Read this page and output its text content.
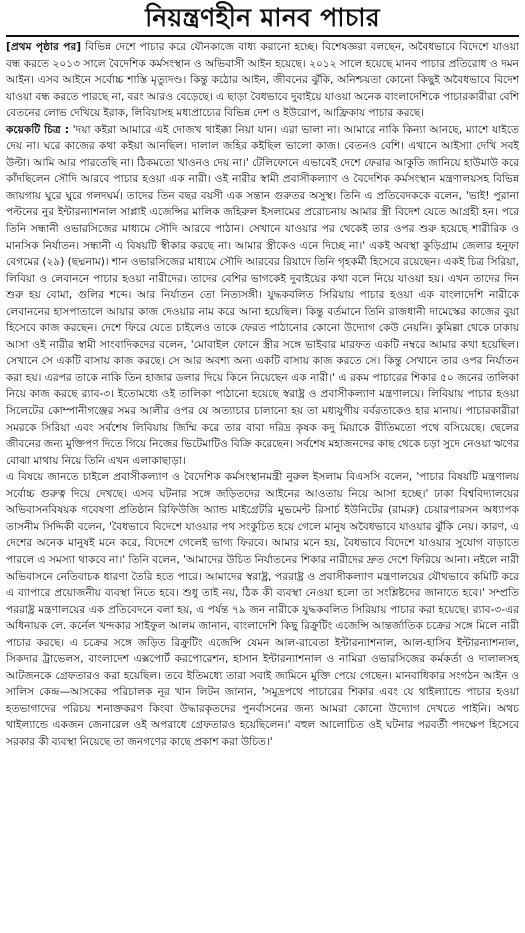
নিয়ন্ত্রণহীন মানব পাচার

[প্রথম পৃষ্ঠার পর] বিভিন্ন দেশে পাচার করে যৌনকাজে বাধ্য করানো হচ্ছে। বিশেষজ্ঞরা বলছেন, অবৈধভাবে বিদেশে যাওয়া বন্ধ করতে ২০১৩ সালে বৈদেশিক কর্মসংস্থান ও অভিবাসী আইন হয়েছে। ২০১২ সালে হয়েছে মানব পাচার প্রতিরোধ ও দমন আইন। এসব আইনে সর্বোচ্চ শাস্তি মৃত্যুদণ্ড। কিন্তু কঠোর আইন, জীবনের ঝুঁকি, অনিশ্চয়তা কোনো কিছুই অবৈধভাবে বিদেশ যাওয়া বন্ধ করতে পারছে না, বরং আরও বেড়েছে। এ ছাড়া বৈধভাবে দুবাইয়ে যাওয়া অনেক বাংলাদেশিকে পাচারকারীরা বেশি বেতনের লোভ দেখিয়ে ইরাক, লিবিয়াসহ মধ্যপ্রাচ্যের বিভিন্ন দেশ ও ইউরোপ, আফ্রিকায় পাচার করছে।

কয়েকটি চিত্র : 'দয়া কইরা আমারে এই দোজখ থাইক্কা নিয়া যান। এরা ভালা না। আমারে নাকি কিন্যা আনছে, ম্যাশে যাইতে দেয় না। ঘরে কাজের কথা কইয়া আনছিল। দালাল জহির কইছিল ভালো কাজ। বেতনও বেশি। এখানে আইস্যা দেখি সবই উল্টা। আমি আর পারতেছি না। ঠিকমতো খাওনও দেয় না।' টেলিফোনে এভাবেই দেশে ফেরার আকুতি জানিয়ে হাউমাউ করে কাঁদছিলেন সৌদি আরবে পাচার হওয়া এক নারী। ওই নারীর স্বামী প্রবাসীকল্যাণ ও বৈদেশিক কর্মসংস্থান মন্ত্রণালয়সহ বিভিন্ন জায়গায় ঘুরে ঘুরে গলদঘর্ম। তাদের তিন বছর বয়সী এক সন্তান গুরুতর অসুস্থ। তিনি এ প্রতিবেদককে বলেন, 'ভাই! পুরানা পল্টনের নুর ইন্টারন্যাশনাল সাপ্লাই এজেন্সির মালিক জহিরুল ইসলামের প্ররোচনায় আমার স্ত্রী বিদেশ যেতে আগ্রহী হন। পরে তিনি সন্ধানী ওভারসিজের মাধ্যমে সৌদি আরবে পাঠান। সেখানে যাওয়ার পর থেকেই তার ওপর শুরু হয়েছে শারীরিক ও মানসিক নির্যাতন। সন্ধানী এ বিষয়টি স্বীকার করছে না। আমার স্ত্রীকেও এনে দিচ্ছে না।' একই অবস্থা কুড়িগ্রাম জেলার হনুফা বেগমের (২৯) (ছদ্মনাম)। শান ওভারসিজের মাধ্যমে সৌদি আরবের রিয়াদে তিনি গৃহকর্মী হিসেবে রয়েছেন। একই চিত্র সিরিয়া, লিবিয়া ও লেবাননে পাচার হওয়া নারীদের। তাদের বেশির ভাগকেই দুবাইয়ের কথা বলে নিয়ে যাওয়া হয়। এখন তাদের দিন শুরু হয় বোমা, গুলির শব্দে। আর নির্যাতন তো নিত্যসঙ্গী। যুদ্ধকবলিত সিরিয়ায় পাচার হওয়া এক বাংলাদেশি নারীকে লেবাননের হাসপাতালে আয়ার কাজ দেওয়ার নাম করে আনা হয়েছিল। কিন্তু বর্তমানে তিনি রাজধানী দামেস্কের কাজের বুয়া হিসেবে কাজ করছেন। দেশে ফিরে যেতে চাইলেও তাকে ফেরত পাঠানোর কোনো উদ্যোগ কেউ নেয়নি। কুমিল্লা থেকে ঢাকায় আসা ওই নারীর স্বামী সাংবাদিকদের বলেন, 'মোবাইল ফোনে স্ত্রীর সঙ্গে ভাইবার মারফত একটি নম্বরে আমার কথা হয়েছিল। সেখানে সে একটি বাসায় কাজ করছে। সে আর অবশ্য অন্য একটি বাসায় কাজ করতে সে। কিন্তু সেখানে তার ওপর নির্যাতন করা হয়। এরপর তাকে নাকি তিন হাজার ডলার দিয়ে কিনে নিয়েছেন এক নারী।' এ রকম পাচারের শিকার ৫০ জনের তালিকা নিয়ে কাজ করছে র‌্যাব-৩। ইতোমধ্যে ওই তালিকা পাঠানো হয়েছে স্বরাষ্ট্র ও প্রবাসীকল্যাণ মন্ত্রণালয়ে। লিবিয়ায় পাচার হওয়া সিলেটের কোম্পানীগঞ্জের সমর আলীর ওপর যে অত্যাচার চালানো হয় তা মধ্যযুগীয় বর্বরতাকেও হার মানায়। পাচারকারীরা সমরকে সিরিয়া এবং সর্বশেষ লিবিয়ায় জিম্মি করে তার বাবা দরিদ্র কৃষক কদু মিয়াকে রীতিমতো পথে বসিয়েছে। ছেলের জীবনের জন্য মুক্তিপণ দিতে গিয়ে নিজের ভিটেমাটিও বিক্রি করেছেন। সর্বশেষ মহাজনদের কাছ থেকে চড়া সুদে নেওয়া ঋণের বোঝা মাথায় নিয়ে তিনি এখন এলাকাছাড়া।

এ বিষয়ে জানতে চাইলে প্রবাসীকল্যাণ ও বৈদেশিক কর্মসংস্থানমন্ত্রী নুরুল ইসলাম বিএসসি বলেন, 'পাচার বিষয়টি মন্ত্রণালয় সর্বোচ্চ গুরুত্ব দিয়ে দেখছে। এসব ঘটনার সঙ্গে জড়িতদের আইনের আওতায় নিয়ে আসা হচ্ছে।' ঢাকা বিশ্ববিদ্যালয়ের অভিবাসনবিষয়ক গবেষণা প্রতিষ্ঠান রিফিউজি অ্যান্ড মাইগ্রেটরি মুভমেন্ট রিসার্চ ইউনিটের (রামরু) চেয়ারপারসন অধ্যাপক তাসনীম সিদ্দিকী বলেন, 'বৈধভাবে বিদেশে যাওয়ার পথ সংকুচিত হয়ে গেলে মানুষ অবৈধভাবে যাওয়ার ঝুঁকি নেয়। কারণ, এ দেশের অনেক মানুষই মনে করে, বিদেশে গেলেই ভাগ্য ফিরবে। আমার মনে হয়, বৈধভাবে বিদেশে যাওয়ার সুযোগ বাড়াতে পারলে এ সমস্যা থাকবে না।' তিনি বলেন, 'আমাদের উচিত নির্যাতনের শিকার নারীদের দ্রুত দেশে ফিরিয়ে আনা। নইলে নারী অভিবাসনে নেতিবাচক ধারণা তৈরি হতে পারে। আমাদের স্বরাষ্ট্র, পররাষ্ট্র ও প্রবাসীকল্যাণ মন্ত্রণালয়ের যৌথভাবে কমিটি করে এ ব্যাপারে প্রয়োজনীয় ব্যবস্থা নিতে হবে। শুধু তাই নয়, ঠিক কী ব্যবস্থা নেওয়া হলো তা সংশ্লিষ্টদের জানাতে হবে।' সম্প্রতি পররাষ্ট্র মন্ত্রণালয়ের এক প্রতিবেদনে বলা হয়, এ পর্যন্ত ৭৯ জন নারীকে যুদ্ধকবলিত সিরিয়ায় পাচার করা হয়েছে। র‌্যাব-৩-এর অধিনায়ক লে. কর্নেল খন্দকার সাইফুল আলম জানান, বাংলাদেশি কিছু রিক্রুটিং এজেন্সি আন্তর্জাতিক চক্রের সঙ্গে মিলে নারী পাচার করছে। এ চক্রের সঙ্গে জড়িত রিক্রুটিং এজেন্সি যেমন আল-রাবেতা ইন্টারন্যাশনাল, আল-হাসিব ইন্টারন্যাশনাল, সিকদার ট্রাভেলস, বাংলাদেশ এক্সপোর্ট করপোরেশন, হাসান ইন্টারন্যাশনাল ও নামিরা ওভারসিজের কর্মকর্তা ও দালালসহ আটজনকে গ্রেফতারও করা হয়েছিল। তবে ইতিমধ্যে তারা সবাই জামিনে মুক্তি পেয়ে গেছেন। মানবাধিকার সংগঠন আইন ও সালিস কেন্দ্র—আসকের পরিচালক নূর খান লিটন জানান, 'সমুদ্রপথে পাচারের শিকার এবং যে থাইল্যান্ডে পাচার হওয়া হতভাগাদের পরিচয় শনাক্তকরণ কিংবা উদ্ধারকৃতদের পুনর্বাসনের জন্য আমরা কোনো উদ্যোগ দেখতে পাইনি। অথচ থাইল্যান্ডে একজন জেনারেল ওই অপরাধে গ্রেফতারও হয়েছিলেন।' বহুল আলোচিত ওই ঘটনার পরবর্তী পদক্ষেপ হিসেবে সরকার কী ব্যবস্থা নিয়েছে তা জনগণের কাছে প্রকাশ করা উচিত।'
